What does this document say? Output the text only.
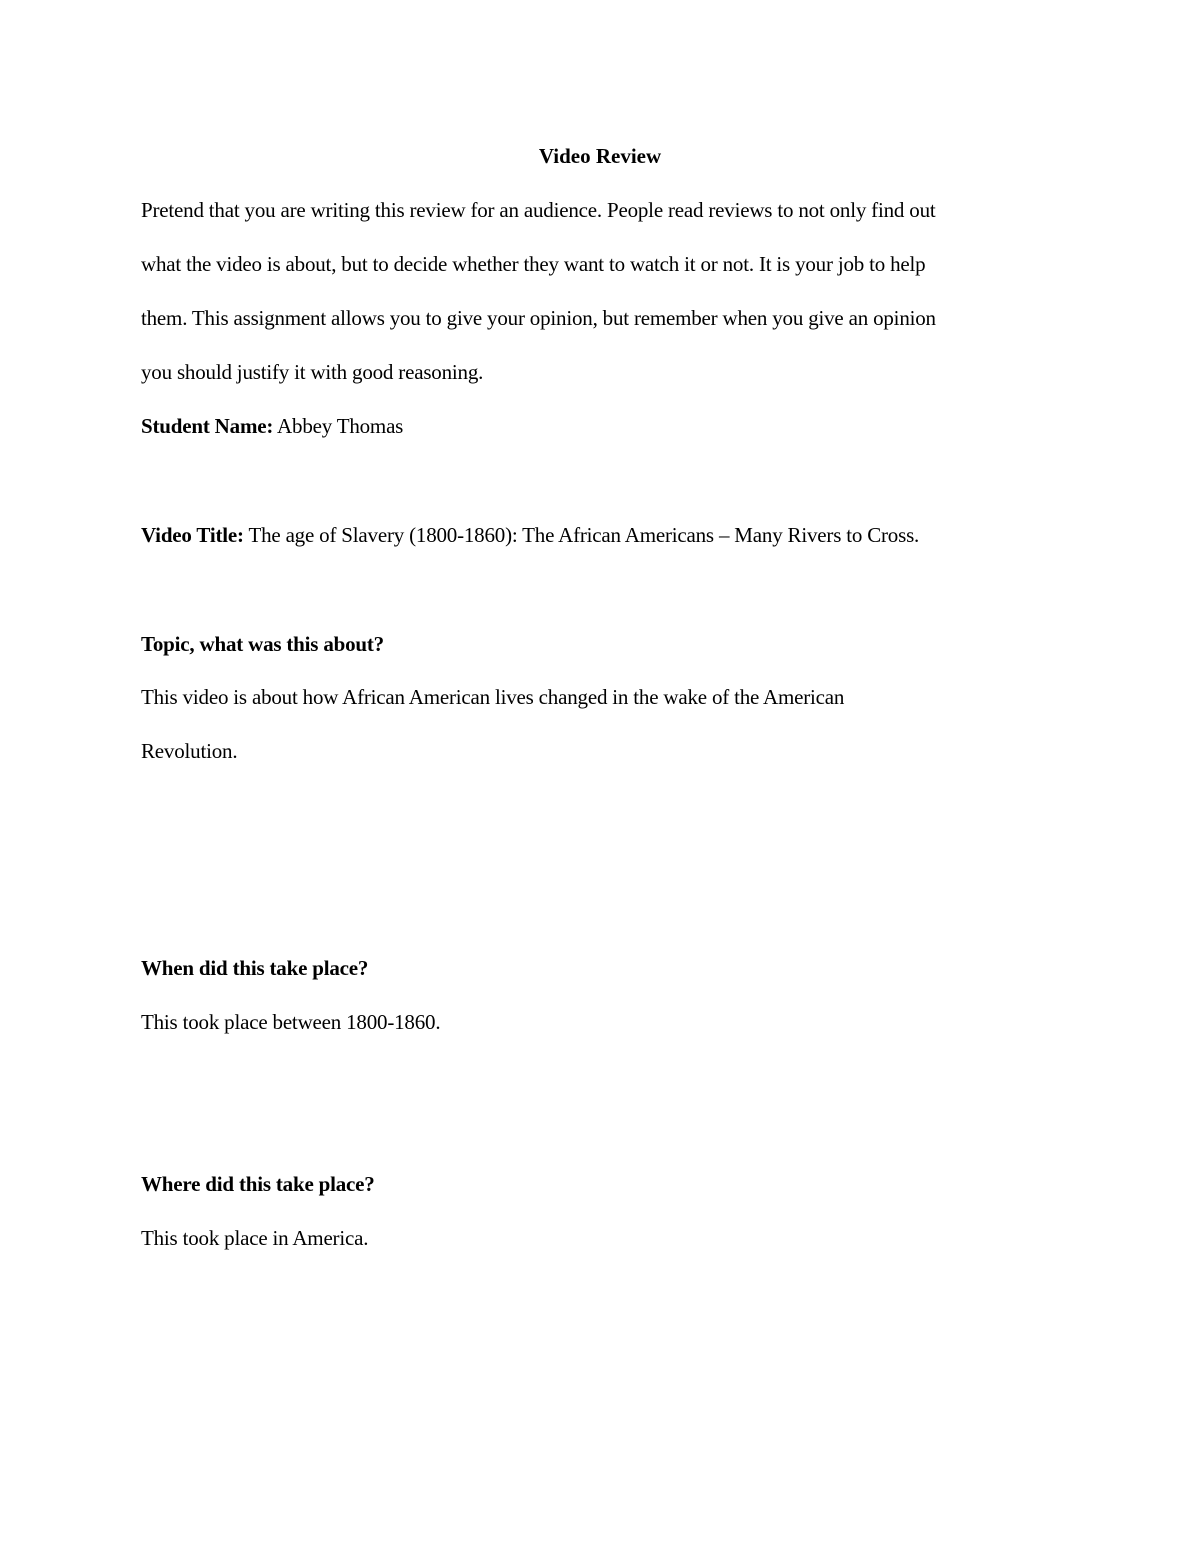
Video Review
Pretend that you are writing this review for an audience. People read reviews to not only find out
what the video is about, but to decide whether they want to watch it or not. It is your job to help
them. This assignment allows you to give your opinion, but remember when you give an opinion
you should justify it with good reasoning.
Student Name: Abbey Thomas
Video Title: The age of Slavery (1800-1860): The African Americans – Many Rivers to Cross.
Topic, what was this about?
This video is about how African American lives changed in the wake of the American
Revolution.
When did this take place?
This took place between 1800-1860.
Where did this take place?
This took place in America.
